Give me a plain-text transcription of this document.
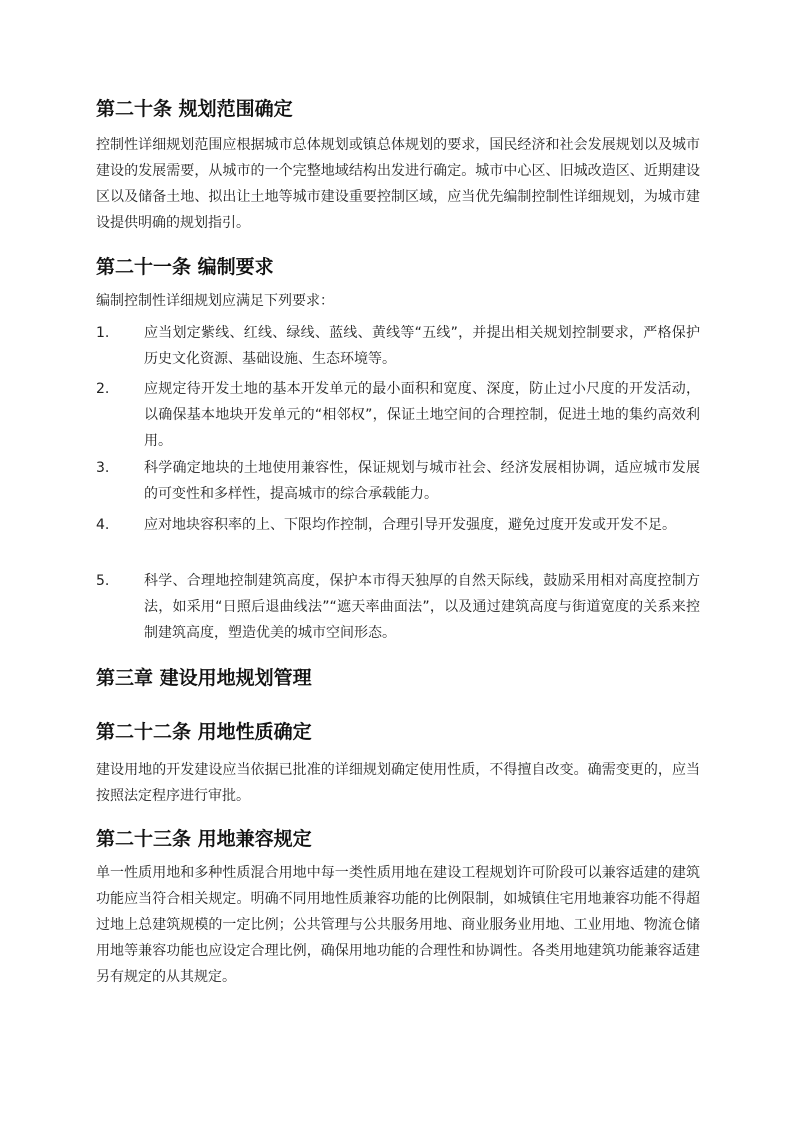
第二十条 规划范围确定
控制性详细规划范围应根据城市总体规划或镇总体规划的要求，国民经济和社会发展规划以及城市建设的发展需要，从城市的一个完整地域结构出发进行确定。城市中心区、旧城改造区、近期建设区以及储备土地、拟出让土地等城市建设重要控制区域，应当优先编制控制性详细规划，为城市建设提供明确的规划指引。
第二十一条 编制要求
编制控制性详细规划应满足下列要求：
1. 应当划定紫线、红线、绿线、蓝线、黄线等“五线”，并提出相关规划控制要求，严格保护历史文化资源、基础设施、生态环境等。
2. 应规定待开发土地的基本开发单元的最小面积和宽度、深度，防止过小尺度的开发活动，以确保基本地块开发单元的“相邻权”，保证土地空间的合理控制，促进土地的集约高效利用。
3. 科学确定地块的土地使用兼容性，保证规划与城市社会、经济发展相协调，适应城市发展的可变性和多样性，提高城市的综合承载能力。
4. 应对地块容积率的上、下限均作控制，合理引导开发强度，避免过度开发或开发不足。
5. 科学、合理地控制建筑高度，保护本市得天独厚的自然天际线，鼓励采用相对高度控制方法，如采用“日照后退曲线法”“遮天率曲面法”，以及通过建筑高度与街道宽度的关系来控制建筑高度，塑造优美的城市空间形态。
第三章 建设用地规划管理
第二十二条 用地性质确定
建设用地的开发建设应当依据已批准的详细规划确定使用性质，不得擅自改变。确需变更的，应当按照法定程序进行审批。
第二十三条 用地兼容规定
单一性质用地和多种性质混合用地中每一类性质用地在建设工程规划许可阶段可以兼容适建的建筑功能应当符合相关规定。明确不同用地性质兼容功能的比例限制，如城镇住宅用地兼容功能不得超过地上总建筑规模的一定比例；公共管理与公共服务用地、商业服务业用地、工业用地、物流仓储用地等兼容功能也应设定合理比例，确保用地功能的合理性和协调性。各类用地建筑功能兼容适建另有规定的从其规定。
